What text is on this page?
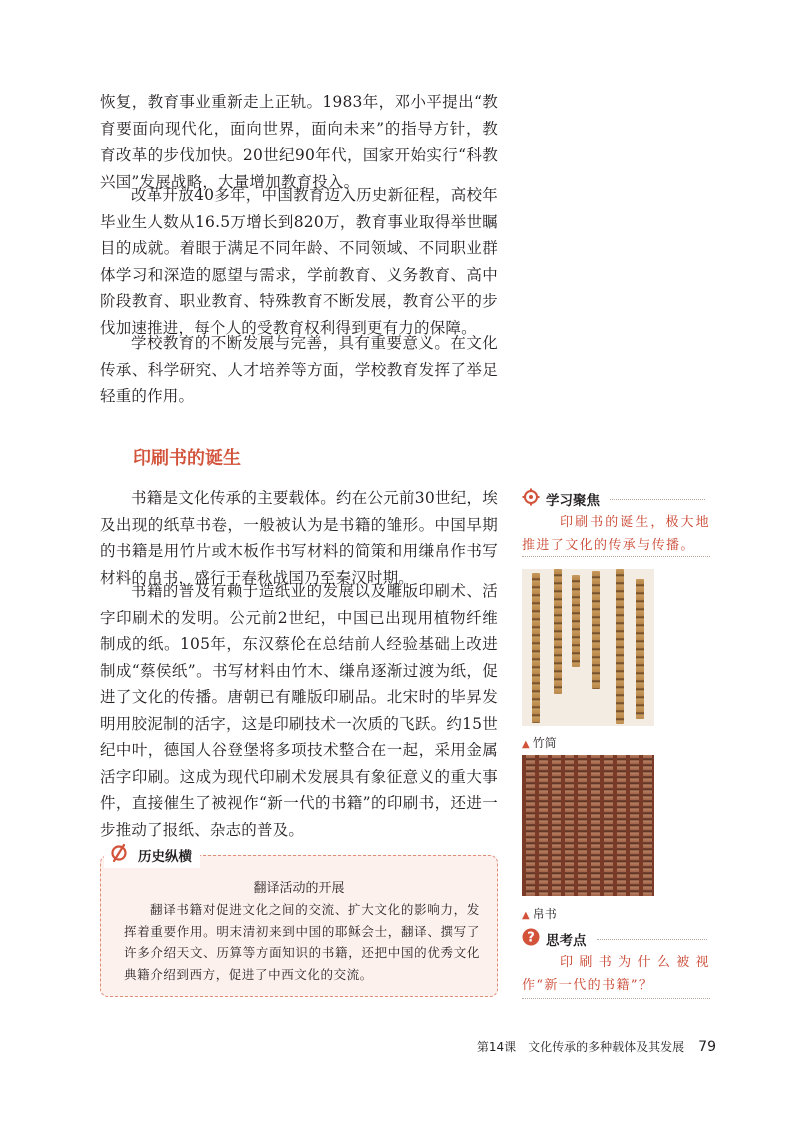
恢复，教育事业重新走上正轨。1983年，邓小平提出“教育要面向现代化，面向世界，面向未来”的指导方针，教育改革的步伐加快。20世纪90年代，国家开始实行“科教兴国”发展战略，大量增加教育投入。

改革开放40多年，中国教育迈入历史新征程，高校年毕业生人数从16.5万增长到820万，教育事业取得举世瞩目的成就。着眼于满足不同年龄、不同领域、不同职业群体学习和深造的愿望与需求，学前教育、义务教育、高中阶段教育、职业教育、特殊教育不断发展，教育公平的步伐加速推进，每个人的受教育权利得到更有力的保障。

学校教育的不断发展与完善，具有重要意义。在文化传承、科学研究、人才培养等方面，学校教育发挥了举足轻重的作用。

印刷书的诞生

书籍是文化传承的主要载体。约在公元前30世纪，埃及出现的纸草书卷，一般被认为是书籍的雏形。中国早期的书籍是用竹片或木板作书写材料的简策和用缣帛作书写材料的帛书，盛行于春秋战国乃至秦汉时期。

书籍的普及有赖于造纸业的发展以及雕版印刷术、活字印刷术的发明。公元前2世纪，中国已出现用植物纤维制成的纸。105年，东汉蔡伦在总结前人经验基础上改进制成“蔡侯纸”。书写材料由竹木、缣帛逐渐过渡为纸，促进了文化的传播。唐朝已有雕版印刷品。北宋时的毕昇发明用胶泥制的活字，这是印刷技术一次质的飞跃。约15世纪中叶，德国人谷登堡将多项技术整合在一起，采用金属活字印刷。这成为现代印刷术发展具有象征意义的重大事件，直接催生了被视作“新一代的书籍”的印刷书，还进一步推动了报纸、杂志的普及。

历史纵横

翻译活动的开展

翻译书籍对促进文化之间的交流、扩大文化的影响力，发挥着重要作用。明末清初来到中国的耶稣会士，翻译、撰写了许多介绍天文、历算等方面知识的书籍，还把中国的优秀文化典籍介绍到西方，促进了中西文化的交流。

学习聚焦

印刷书的诞生，极大地推进了文化的传承与传播。

▲ 竹简
▲ 帛书
? 思考点

印刷书为什么被视作“新一代的书籍”？

第14课　文化传承的多种载体及其发展 79
